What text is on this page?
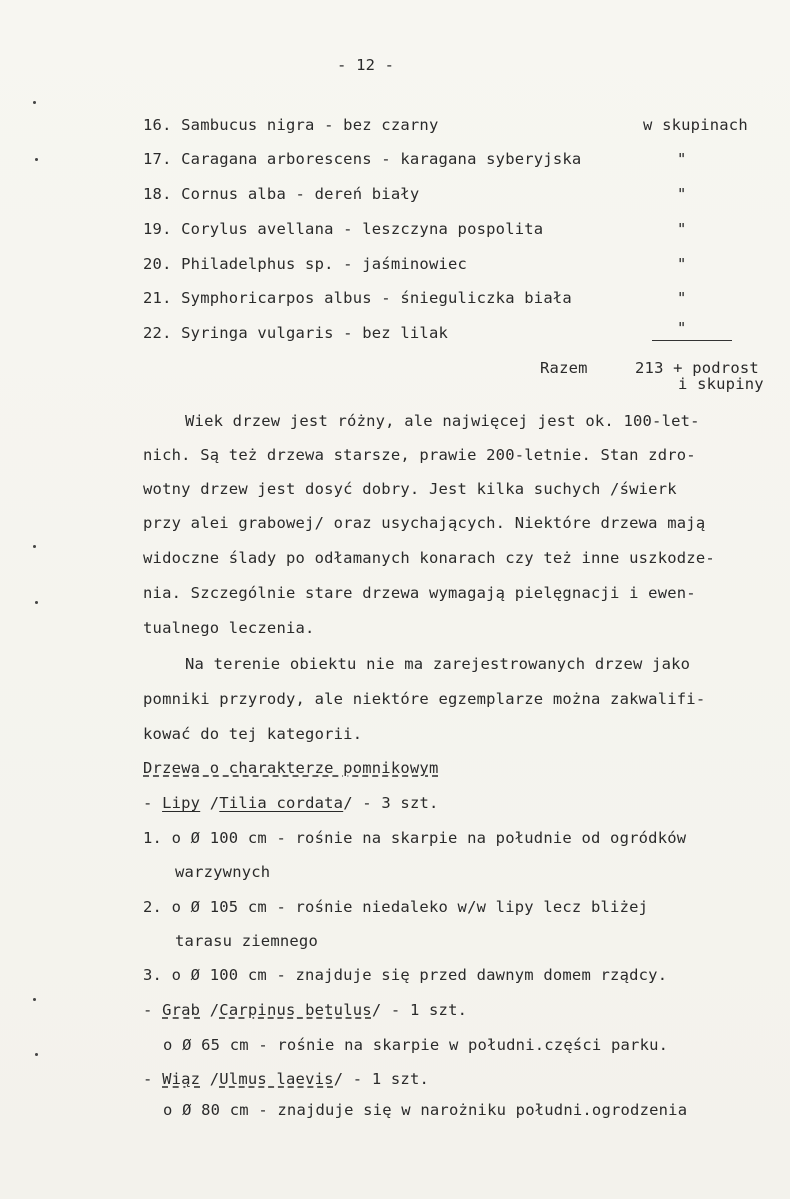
- 12 -
16. Sambucus nigra - bez czarny	w skupinach
17. Caragana arborescens - karagana syberyjska	"
18. Cornus alba - dereń biały	"
19. Corylus avellana - leszczyna pospolita	"
20. Philadelphus sp. - jaśminowiec	"
21. Symphoricarpos albus - śnieguliczka biała	"
22. Syringa vulgaris - bez lilak	"
Razem	213 + podrost
i skupiny
Wiek drzew jest różny, ale najwięcej jest ok. 100-let-
nich. Są też drzewa starsze, prawie 200-letnie. Stan zdro-
wotny drzew jest dosyć dobry. Jest kilka suchych /świerk
przy alei grabowej/ oraz usychających. Niektóre drzewa mają
widoczne ślady po odłamanych konarach czy też inne uszkodze-
nia. Szczególnie stare drzewa wymagają pielęgnacji i ewen-
tualnego leczenia.
Na terenie obiektu nie ma zarejestrowanych drzew jako
pomniki przyrody, ale niektóre egzemplarze można zakwalifi-
kować do tej kategorii.
Drzewa o charakterze pomnikowym
- Lipy /Tilia cordata/ - 3 szt.
1. o Ø 100 cm - rośnie na skarpie na południe od ogródków
warzywnych
2. o Ø 105 cm - rośnie niedaleko w/w lipy lecz bliżej
tarasu ziemnego
3. o Ø 100 cm - znajduje się przed dawnym domem rządcy.
- Grab /Carpinus betulus/ - 1 szt.
o Ø 65 cm - rośnie na skarpie w południ.części parku.
- Wiąz /Ulmus laevis/ - 1 szt.
o Ø 80 cm - znajduje się w narożniku południ.ogrodzenia
